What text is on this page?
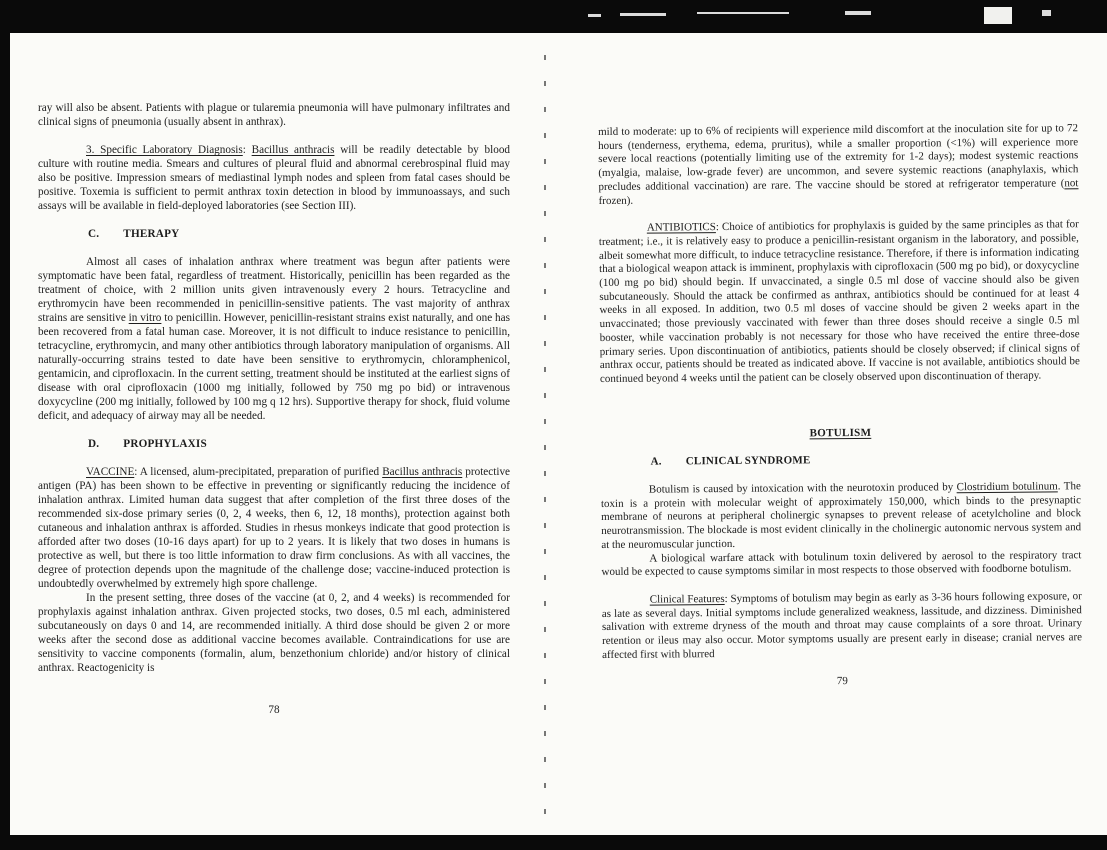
ray will also be absent. Patients with plague or tularemia pneumonia will have pulmonary infiltrates and clinical signs of pneumonia (usually absent in anthrax).

3. Specific Laboratory Diagnosis: Bacillus anthracis will be readily detectable by blood culture with routine media. Smears and cultures of pleural fluid and abnormal cerebrospinal fluid may also be positive. Impression smears of mediastinal lymph nodes and spleen from fatal cases should be positive. Toxemia is sufficient to permit anthrax toxin detection in blood by immunoassays, and such assays will be available in field-deployed laboratories (see Section III).

C. THERAPY

Almost all cases of inhalation anthrax where treatment was begun after patients were symptomatic have been fatal, regardless of treatment. Historically, penicillin has been regarded as the treatment of choice, with 2 million units given intravenously every 2 hours. Tetracycline and erythromycin have been recommended in penicillin-sensitive patients. The vast majority of anthrax strains are sensitive in vitro to penicillin. However, penicillin-resistant strains exist naturally, and one has been recovered from a fatal human case. Moreover, it is not difficult to induce resistance to penicillin, tetracycline, erythromycin, and many other antibiotics through laboratory manipulation of organisms. All naturally-occurring strains tested to date have been sensitive to erythromycin, chloramphenicol, gentamicin, and ciprofloxacin. In the current setting, treatment should be instituted at the earliest signs of disease with oral ciprofloxacin (1000 mg initially, followed by 750 mg po bid) or intravenous doxycycline (200 mg initially, followed by 100 mg q 12 hrs). Supportive therapy for shock, fluid volume deficit, and adequacy of airway may all be needed.

D. PROPHYLAXIS

VACCINE: A licensed, alum-precipitated, preparation of purified Bacillus anthracis protective antigen (PA) has been shown to be effective in preventing or significantly reducing the incidence of inhalation anthrax. Limited human data suggest that after completion of the first three doses of the recommended six-dose primary series (0, 2, 4 weeks, then 6, 12, 18 months), protection against both cutaneous and inhalation anthrax is afforded. Studies in rhesus monkeys indicate that good protection is afforded after two doses (10-16 days apart) for up to 2 years. It is likely that two doses in humans is protective as well, but there is too little information to draw firm conclusions. As with all vaccines, the degree of protection depends upon the magnitude of the challenge dose; vaccine-induced protection is undoubtedly overwhelmed by extremely high spore challenge.

In the present setting, three doses of the vaccine (at 0, 2, and 4 weeks) is recommended for prophylaxis against inhalation anthrax. Given projected stocks, two doses, 0.5 ml each, administered subcutaneously on days 0 and 14, are recommended initially. A third dose should be given 2 or more weeks after the second dose as additional vaccine becomes available. Contraindications for use are sensitivity to vaccine components (formalin, alum, benzethonium chloride) and/or history of clinical anthrax. Reactogenicity is

78

mild to moderate: up to 6% of recipients will experience mild discomfort at the inoculation site for up to 72 hours (tenderness, erythema, edema, pruritus), while a smaller proportion (<1%) will experience more severe local reactions (potentially limiting use of the extremity for 1-2 days); modest systemic reactions (myalgia, malaise, low-grade fever) are uncommon, and severe systemic reactions (anaphylaxis, which precludes additional vaccination) are rare. The vaccine should be stored at refrigerator temperature (not frozen).

ANTIBIOTICS: Choice of antibiotics for prophylaxis is guided by the same principles as that for treatment; i.e., it is relatively easy to produce a penicillin-resistant organism in the laboratory, and possible, albeit somewhat more difficult, to induce tetracycline resistance. Therefore, if there is information indicating that a biological weapon attack is imminent, prophylaxis with ciprofloxacin (500 mg po bid), or doxycycline (100 mg po bid) should begin. If unvaccinated, a single 0.5 ml dose of vaccine should also be given subcutaneously. Should the attack be confirmed as anthrax, antibiotics should be continued for at least 4 weeks in all exposed. In addition, two 0.5 ml doses of vaccine should be given 2 weeks apart in the unvaccinated; those previously vaccinated with fewer than three doses should receive a single 0.5 ml booster, while vaccination probably is not necessary for those who have received the entire three-dose primary series. Upon discontinuation of antibiotics, patients should be closely observed; if clinical signs of anthrax occur, patients should be treated as indicated above. If vaccine is not available, antibiotics should be continued beyond 4 weeks until the patient can be closely observed upon discontinuation of therapy.

BOTULISM

A. CLINICAL SYNDROME

Botulism is caused by intoxication with the neurotoxin produced by Clostridium botulinum. The toxin is a protein with molecular weight of approximately 150,000, which binds to the presynaptic membrane of neurons at peripheral cholinergic synapses to prevent release of acetylcholine and block neurotransmission. The blockade is most evident clinically in the cholinergic autonomic nervous system and at the neuromuscular junction.

A biological warfare attack with botulinum toxin delivered by aerosol to the respiratory tract would be expected to cause symptoms similar in most respects to those observed with foodborne botulism.

Clinical Features: Symptoms of botulism may begin as early as 3-36 hours following exposure, or as late as several days. Initial symptoms include generalized weakness, lassitude, and dizziness. Diminished salivation with extreme dryness of the mouth and throat may cause complaints of a sore throat. Urinary retention or ileus may also occur. Motor symptoms usually are present early in disease; cranial nerves are affected first with blurred

79
